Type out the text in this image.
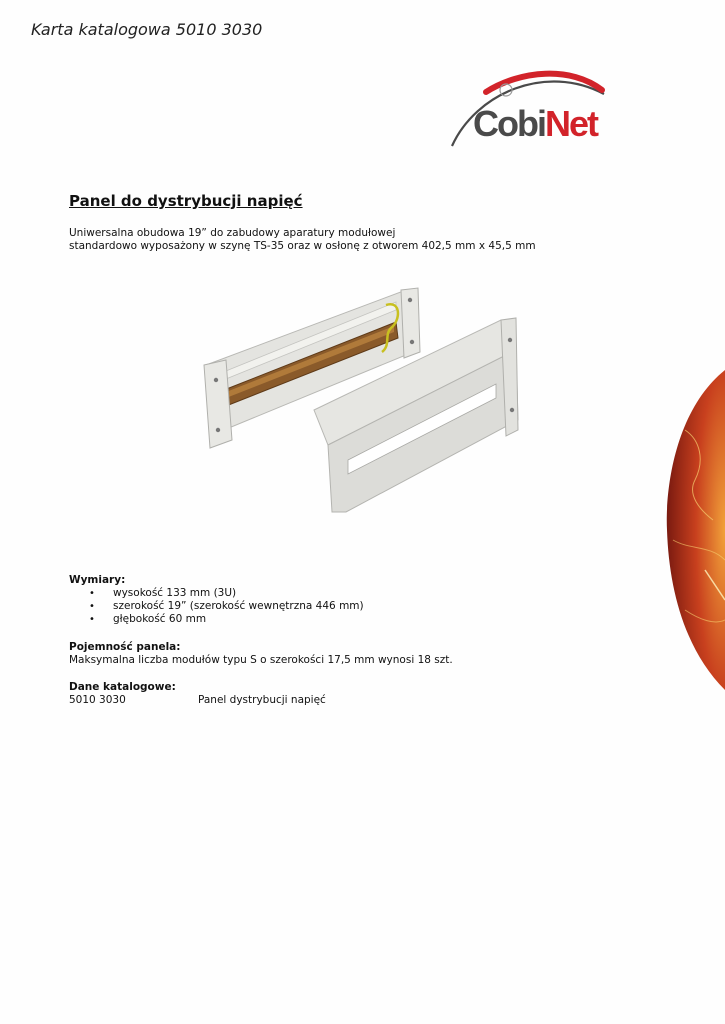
Karta katalogowa 5010 3030
CobiNet
Panel do dystrybucji napięć
Uniwersalna obudowa 19” do zabudowy aparatury modułowej
standardowo wyposażony w szynę TS-35 oraz w osłonę z otworem 402,5 mm x 45,5 mm
Wymiary:
• wysokość 133 mm (3U)
• szerokość 19” (szerokość wewnętrzna 446 mm)
• głębokość 60 mm
Pojemność panela:
Maksymalna liczba modułów typu S o szerokości 17,5 mm wynosi 18 szt.
Dane katalogowe:
5010 3030	Panel dystrybucji napięć
